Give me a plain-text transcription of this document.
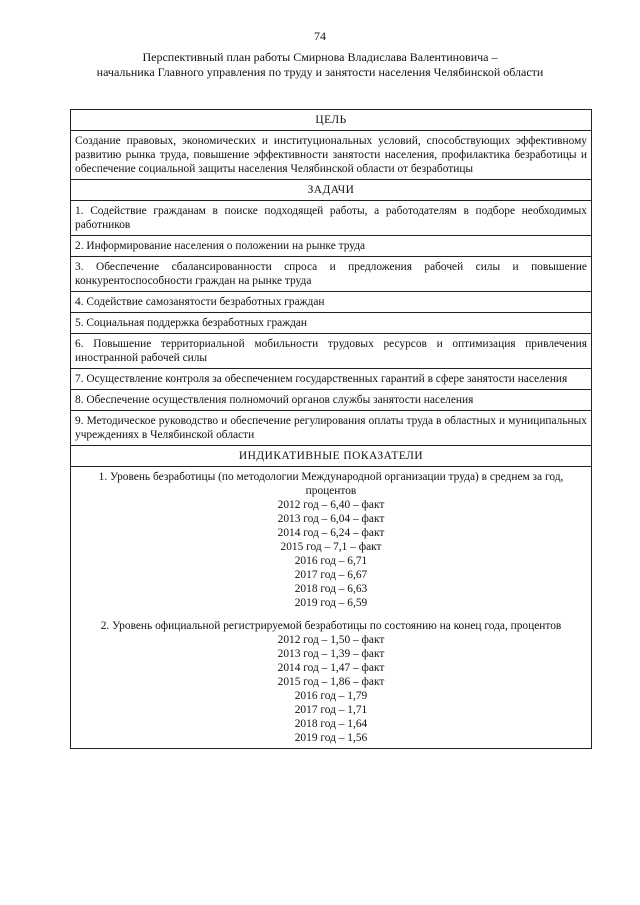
74
Перспективный план работы Смирнова Владислава Валентиновича –
начальника Главного управления по труду и занятости населения Челябинской области
ЦЕЛЬ
Создание правовых, экономических и институциональных условий, способствующих эффективному развитию рынка труда, повышение эффективности занятости населения, профилактика безработицы и обеспечение социальной защиты населения Челябинской области от безработицы
ЗАДАЧИ
1. Содействие гражданам в поиске подходящей работы, а работодателям в подборе необходимых работников
2. Информирование населения о положении на рынке труда
3. Обеспечение сбалансированности спроса и предложения рабочей силы и повышение конкурентоспособности граждан на рынке труда
4. Содействие самозанятости безработных граждан
5. Социальная поддержка безработных граждан
6. Повышение территориальной мобильности трудовых ресурсов и оптимизация привлечения иностранной рабочей силы
7. Осуществление контроля за обеспечением государственных гарантий в сфере занятости населения
8. Обеспечение осуществления полномочий органов службы занятости населения
9. Методическое руководство и обеспечение регулирования оплаты труда в областных и муниципальных учреждениях в Челябинской области
ИНДИКАТИВНЫЕ ПОКАЗАТЕЛИ

1. Уровень безработицы (по методологии Международной организации труда) в среднем за год, процентов
2012 год – 6,40 – факт
2013 год – 6,04 – факт
2014 год – 6,24 – факт
2015 год – 7,1 – факт
2016 год – 6,71
2017 год – 6,67
2018 год – 6,63
2019 год – 6,59
2. Уровень официальной регистрируемой безработицы по состоянию на конец года, процентов
2012 год – 1,50 – факт
2013 год – 1,39 – факт
2014 год – 1,47 – факт
2015 год – 1,86 – факт
2016 год – 1,79
2017 год – 1,71
2018 год – 1,64
2019 год – 1,56
